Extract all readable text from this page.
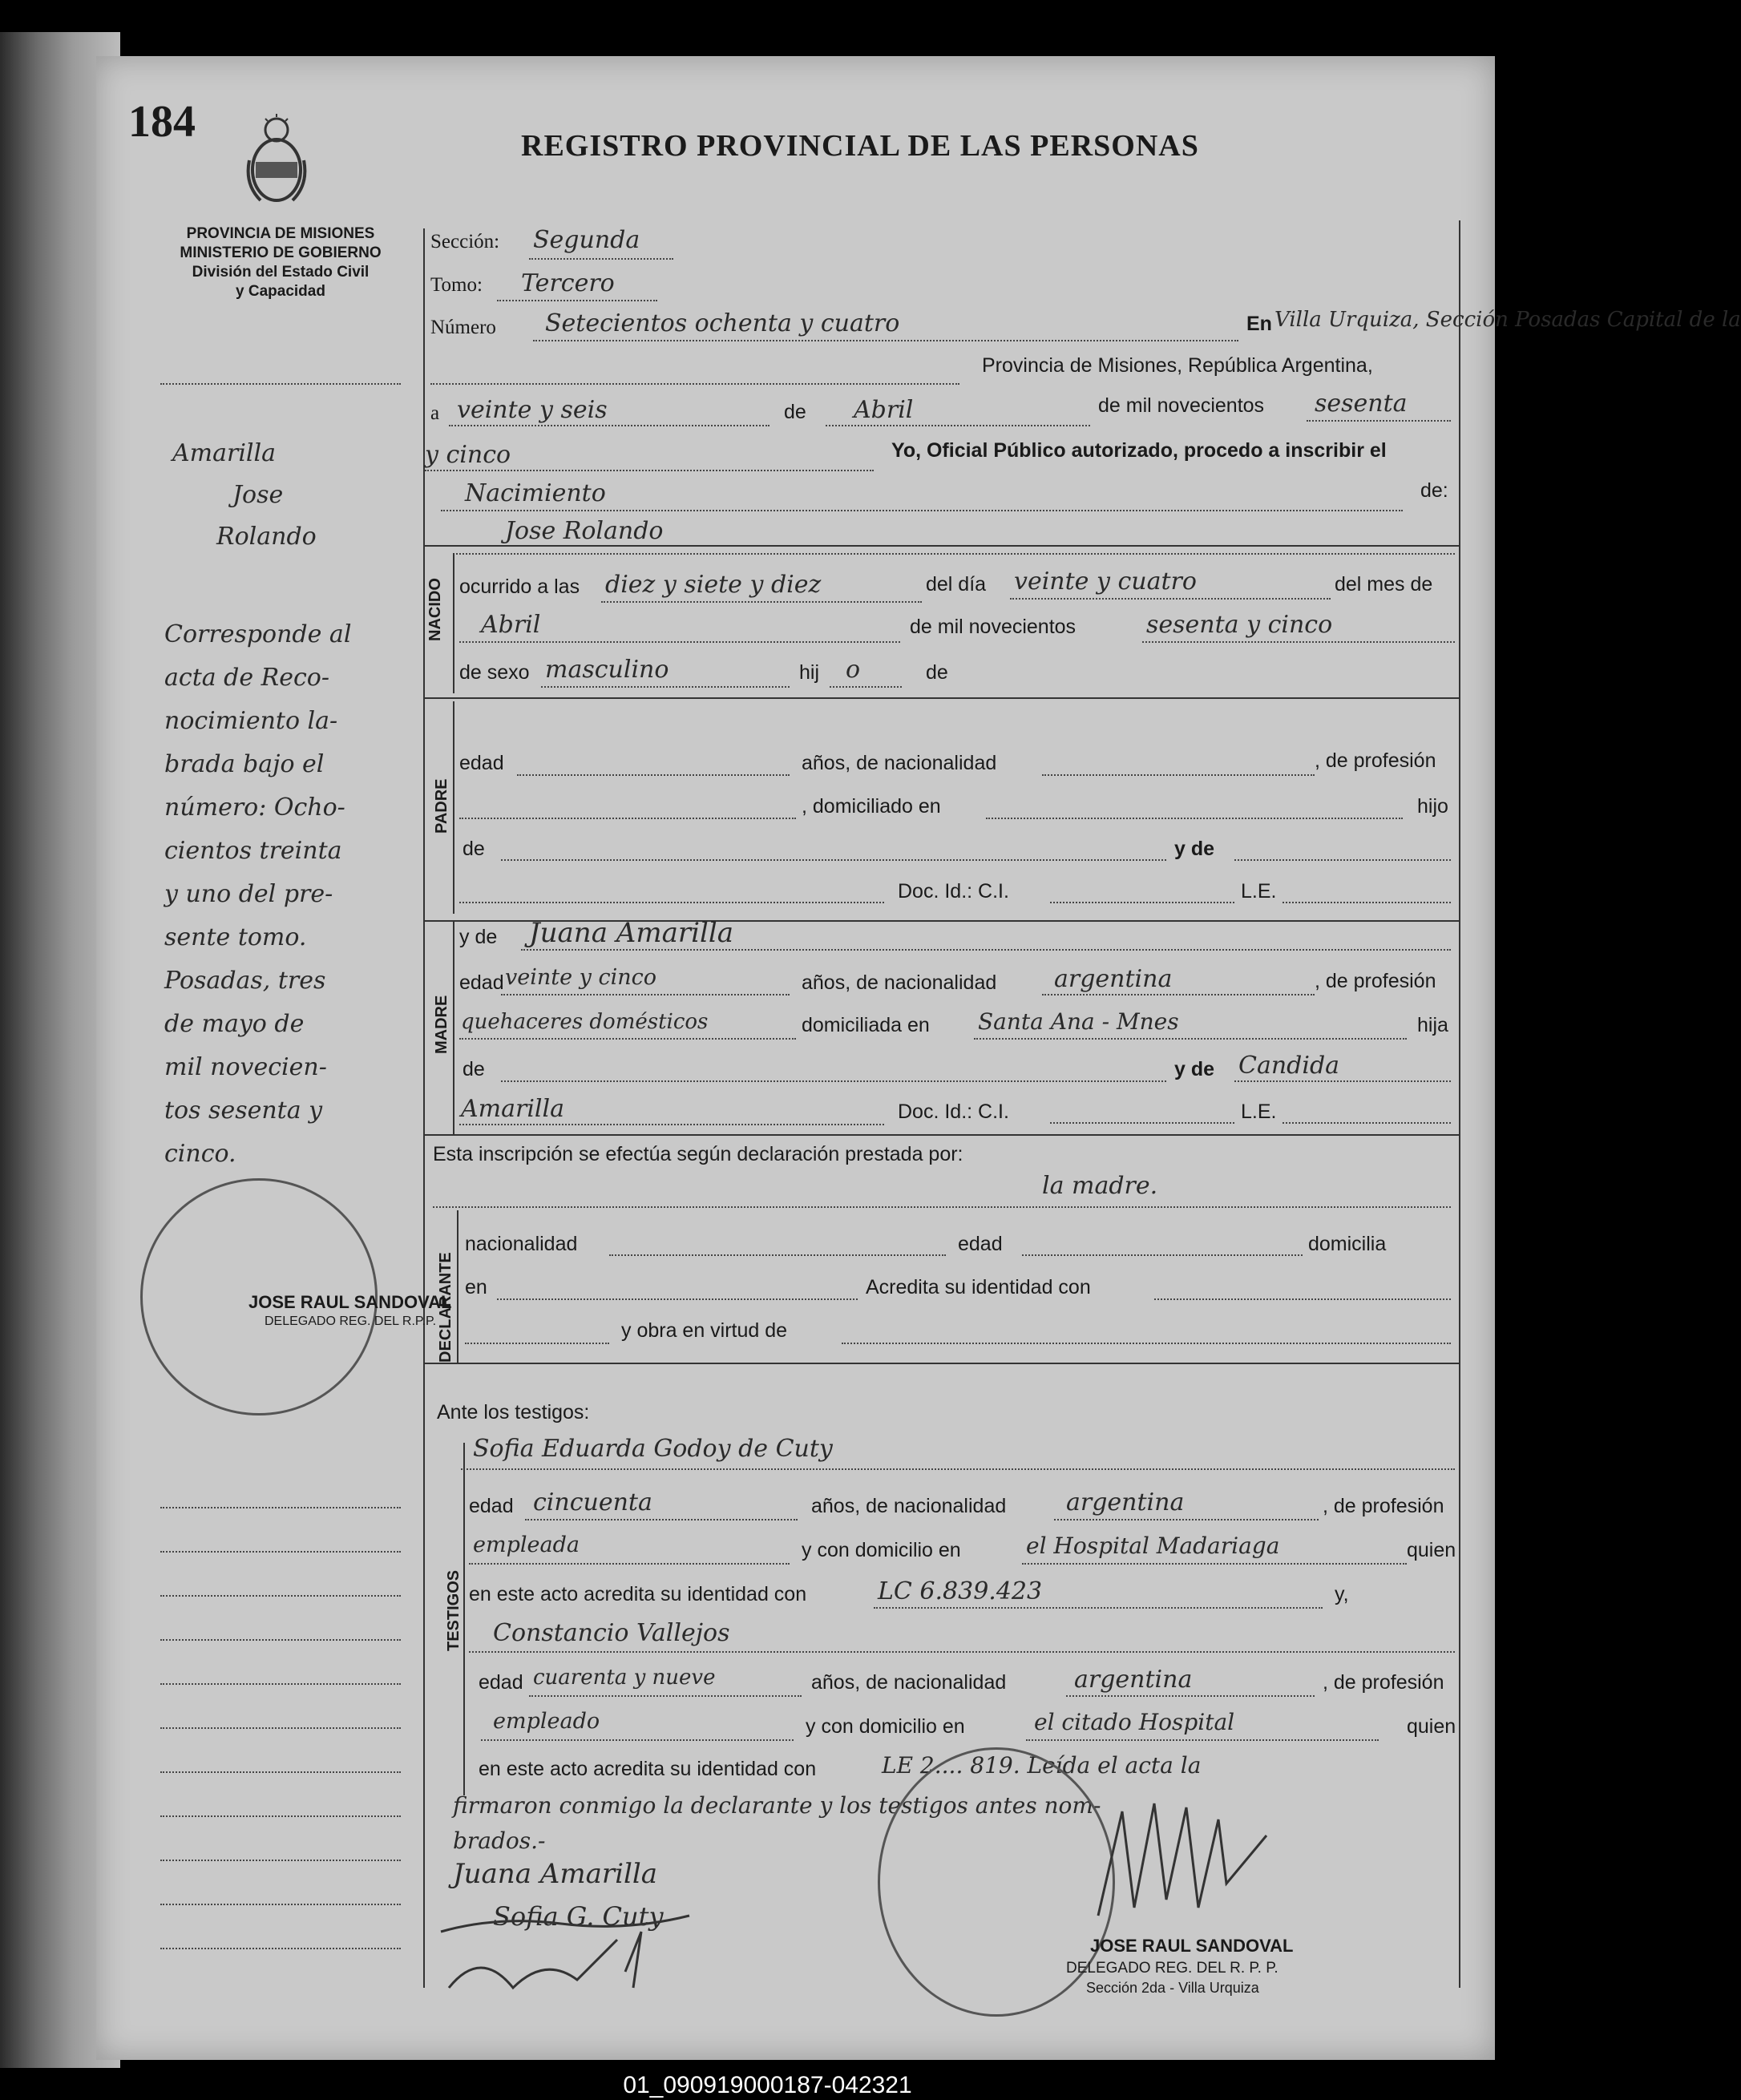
184	REGISTRO PROVINCIAL DE LAS PERSONAS
PROVINCIA DE MISIONES
MINISTERIO DE GOBIERNO
División del Estado Civil
y Capacidad
Amarilla
Jose
Rolando
Corresponde al
acta de Reco-
nocimiento la-
brada bajo el
número: Ocho-
cientos treinta
y uno del pre-
sente tomo.
Posadas, tres
de mayo de
mil novecien-
tos sesenta y
cinco.
JOSE RAUL SANDOVAL
DELEGADO REG. DEL R.P.P.
Sección: Segunda
Tomo: Tercero
Número Setecientos ochenta y cuatro	En Villa Urquiza, Sección Posadas Capital de la
Provincia de Misiones, República Argentina,
a veinte y seis	de Abril	de mil novecientos sesenta
y cinco	Yo, Oficial Público autorizado, procedo a inscribir el
Nacimiento	de:
Jose Rolando
NACIDO ocurrido a las diez y siete y diez	del día veinte y cuatro	del mes de
Abril	de mil novecientos	sesenta y cinco
de sexo masculino	hij o	de
PADRE
edad	años, de nacionalidad	, de profesión
, domiciliado en	hijo
de	y de
Doc. Id.: C.I.	L.E.
MADRE
y de Juana Amarilla
edad veinte y cinco	años, de nacionalidad argentina	, de profesión
quehaceres domésticos	domiciliada en Santa Ana - Mnes	hija
de	y de Candida
Amarilla	Doc. Id.: C.I.	L.E.
Esta inscripción se efectúa según declaración prestada por:
la madre.
DECLARANTE
nacionalidad	edad	domicilia
en	Acredita su identidad con
y obra en virtud de
Ante los testigos:
Sofia Eduarda Godoy de Cuty
TESTIGOS
edad cincuenta	años, de nacionalidad argentina	, de profesión
empleada	y con domicilio en	el Hospital Madariaga	quien
en este acto acredita su identidad con	LC 6.839.423	y,
Constancio Vallejos
edad cuarenta y nueve	años, de nacionalidad	argentina	, de profesión
empleado	y con domicilio en	el citado Hospital	quien
en este acto acredita su identidad con	LE 2.... 819. Leída el acta la
firmaron conmigo la declarante y los testigos antes nom-
brados.-
JOSE RAUL SANDOVAL
DELEGADO REG. DEL R. P. P.
Sección 2da - Villa Urquiza
Juana Amarilla
Sofia G. Cuty
01_090919000187-042321
